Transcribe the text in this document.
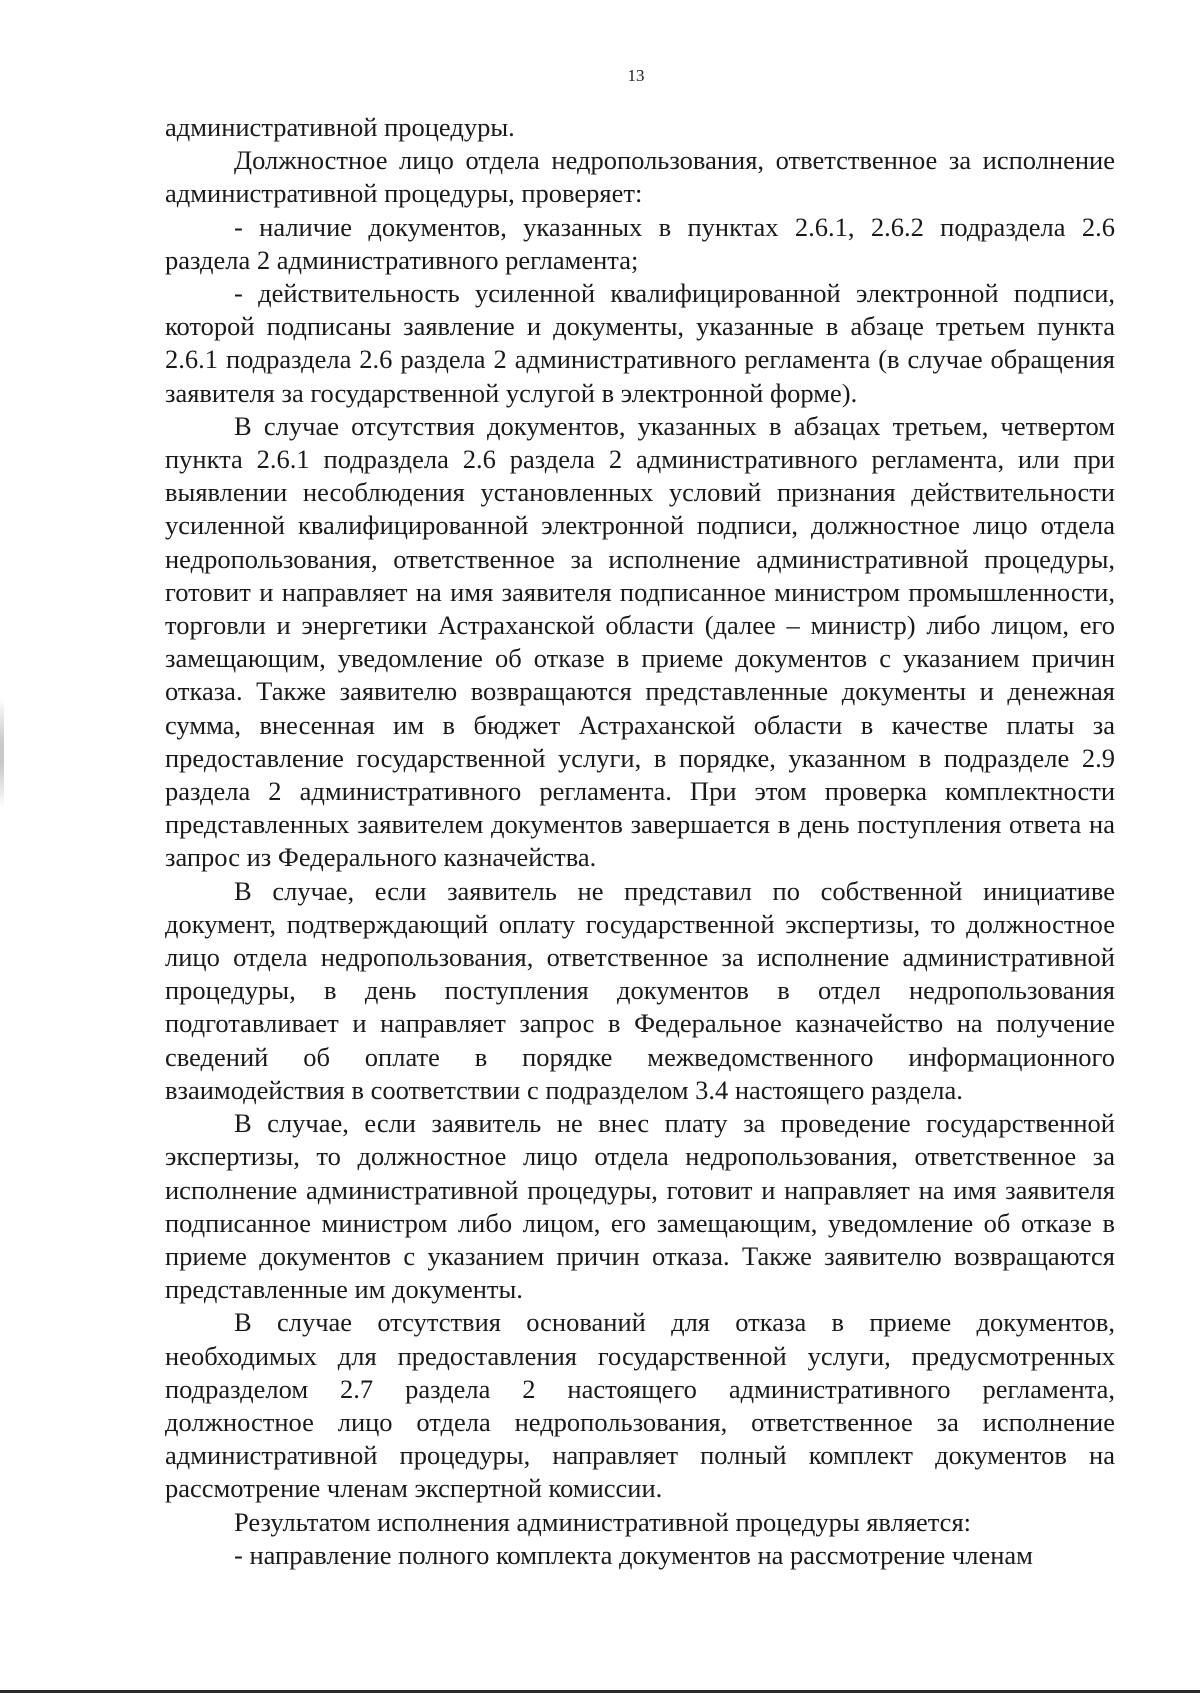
13

административной процедуры.

Должностное лицо отдела недропользования, ответственное за исполнение административной процедуры, проверяет:

- наличие документов, указанных в пунктах 2.6.1, 2.6.2 подраздела 2.6 раздела 2 административного регламента;

- действительность усиленной квалифицированной электронной подписи, которой подписаны заявление и документы, указанные в абзаце третьем пункта 2.6.1 подраздела 2.6 раздела 2 административного регламента (в случае обращения заявителя за государственной услугой в электронной форме).

В случае отсутствия документов, указанных в абзацах третьем, четвертом пункта 2.6.1 подраздела 2.6 раздела 2 административного регламента, или при выявлении несоблюдения установленных условий признания действительности усиленной квалифицированной электронной подписи, должностное лицо отдела недропользования, ответственное за исполнение административной процедуры, готовит и направляет на имя заявителя подписанное министром промышленности, торговли и энергетики Астраханской области (далее – министр) либо лицом, его замещающим, уведомление об отказе в приеме документов с указанием причин отказа. Также заявителю возвращаются представленные документы и денежная сумма, внесенная им в бюджет Астраханской области в качестве платы за предоставление государственной услуги, в порядке, указанном в подразделе 2.9 раздела 2 административного регламента. При этом проверка комплектности представленных заявителем документов завершается в день поступления ответа на запрос из Федерального казначейства.

В случае, если заявитель не представил по собственной инициативе документ, подтверждающий оплату государственной экспертизы, то должностное лицо отдела недропользования, ответственное за исполнение административной процедуры, в день поступления документов в отдел недропользования подготавливает и направляет запрос в Федеральное казначейство на получение сведений об оплате в порядке межведомственного информационного взаимодействия в соответствии с подразделом 3.4 настоящего раздела.

В случае, если заявитель не внес плату за проведение государственной экспертизы, то должностное лицо отдела недропользования, ответственное за исполнение административной процедуры, готовит и направляет на имя заявителя подписанное министром либо лицом, его замещающим, уведомление об отказе в приеме документов с указанием причин отказа. Также заявителю возвращаются представленные им документы.

В случае отсутствия оснований для отказа в приеме документов, необходимых для предоставления государственной услуги, предусмотренных подразделом 2.7 раздела 2 настоящего административного регламента, должностное лицо отдела недропользования, ответственное за исполнение административной процедуры, направляет полный комплект документов на рассмотрение членам экспертной комиссии.

Результатом исполнения административной процедуры является:

- направление полного комплекта документов на рассмотрение членам
